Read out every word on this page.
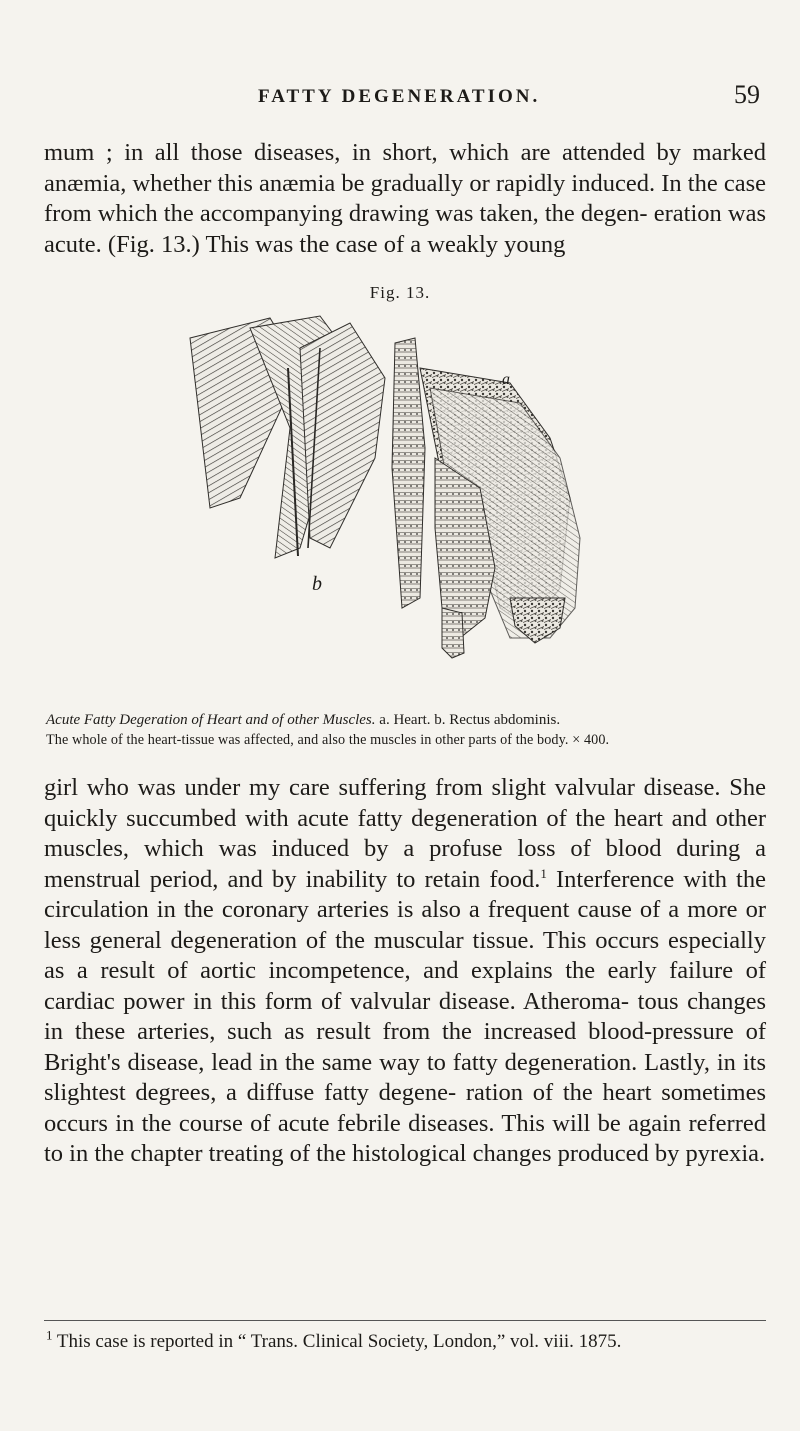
FATTY DEGENERATION.	59

mum ; in all those diseases, in short, which are attended by marked anæmia, whether this anæmia be gradually or rapidly induced. In the case from which the accompanying drawing was taken, the degen- eration was acute. (Fig. 13.) This was the case of a weakly young

Fig. 13.
b
a
Acute Fatty Degeration of Heart and of other Muscles. a. Heart. b. Rectus abdominis.
The whole of the heart-tissue was affected, and also the muscles in other parts of the body. × 400.

girl who was under my care suffering from slight valvular disease. She quickly succumbed with acute fatty degeneration of the heart and other muscles, which was induced by a profuse loss of blood during a menstrual period, and by inability to retain food.$^1$ Interference with the circulation in the coronary arteries is also a frequent cause of a more or less general degeneration of the muscular tissue. This occurs especially as a result of aortic incompetence, and explains the early failure of cardiac power in this form of valvular disease. Atheroma- tous changes in these arteries, such as result from the increased blood-pressure of Bright's disease, lead in the same way to fatty degeneration. Lastly, in its slightest degrees, a diffuse fatty degene- ration of the heart sometimes occurs in the course of acute febrile diseases. This will be again referred to in the chapter treating of the histological changes produced by pyrexia.

$^1$ This case is reported in “ Trans. Clinical Society, London,” vol. viii. 1875.
